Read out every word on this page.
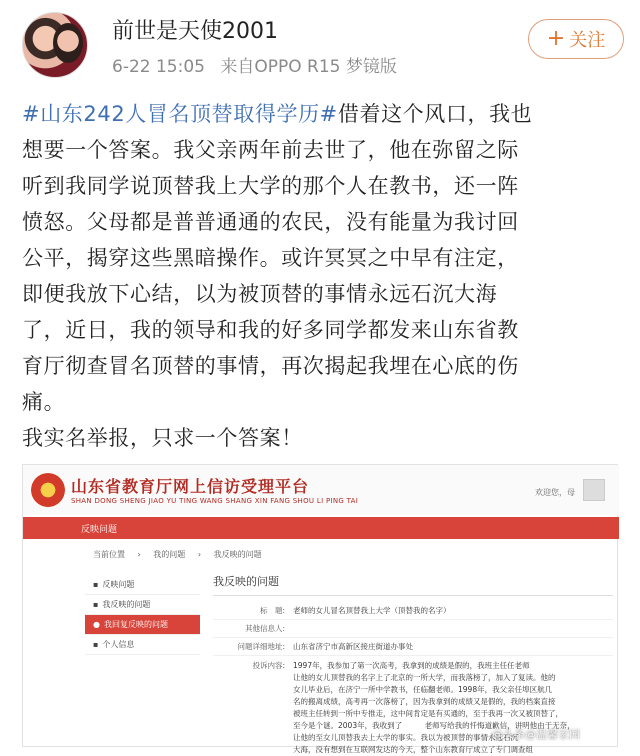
前世是天使2001
6-22 15:05 来自OPPO R15 梦镜版
+ 关注
#山东242人冒名顶替取得学历#借着这个风口，我也
想要一个答案。我父亲两年前去世了，他在弥留之际
听到我同学说顶替我上大学的那个人在教书，还一阵
愤怒。父母都是普普通通的农民，没有能量为我讨回
公平，揭穿这些黑暗操作。或许冥冥之中早有注定，
即便我放下心结，以为被顶替的事情永远石沉大海
了，近日，我的领导和我的好多同学都发来山东省教
育厅彻查冒名顶替的事情，再次揭起我埋在心底的伤
痛。
我实名举报，只求一个答案！
山东省教育厅网上信访受理平台
SHAN DONG SHENG JIAO YU TING WANG SHANG XIN FANG SHOU LI PING TAI
欢迎您，母
反映问题
当前位置 › 我的问题 › 我反映的问题
▪ 反映问题
▪ 我反映的问题
● 我回复反映的问题
▪ 个人信息
我反映的问题
标　题:	老师的女儿冒名顶替我上大学（顶替我的名字）
其他信息人:
问题详细地址:	山东省济宁市高新区接庄街道办事处
投诉内容:	1997年，我参加了第一次高考，我拿到的成绩是假的，我班主任任老师
让他的女儿顶替我的名字上了北京的一所大学，而我落榜了，加入了复读。他的
女儿毕业后，在济宁一所中学教书，任临翻老师。1998年，我父亲任埠区航几
名的搬离成绩，高考再一次落榜了，因为我拿到的成绩又是假的，我的档案直接
被班主任转到一所中专推走，这中间肯定是有买通的，至于我再一次又被顶替了，
至今是个谜。2003年，我收到了　　　老师写给我的忏悔道歉信，讲明他由于无奈，
让他的至女儿顶替我去上大学的事实。我以为被顶替的事情永远石沉
大海，没有想到在互联网发达的今天，整个山东教育厅成立了专门调查组
@头条@温馨家园
